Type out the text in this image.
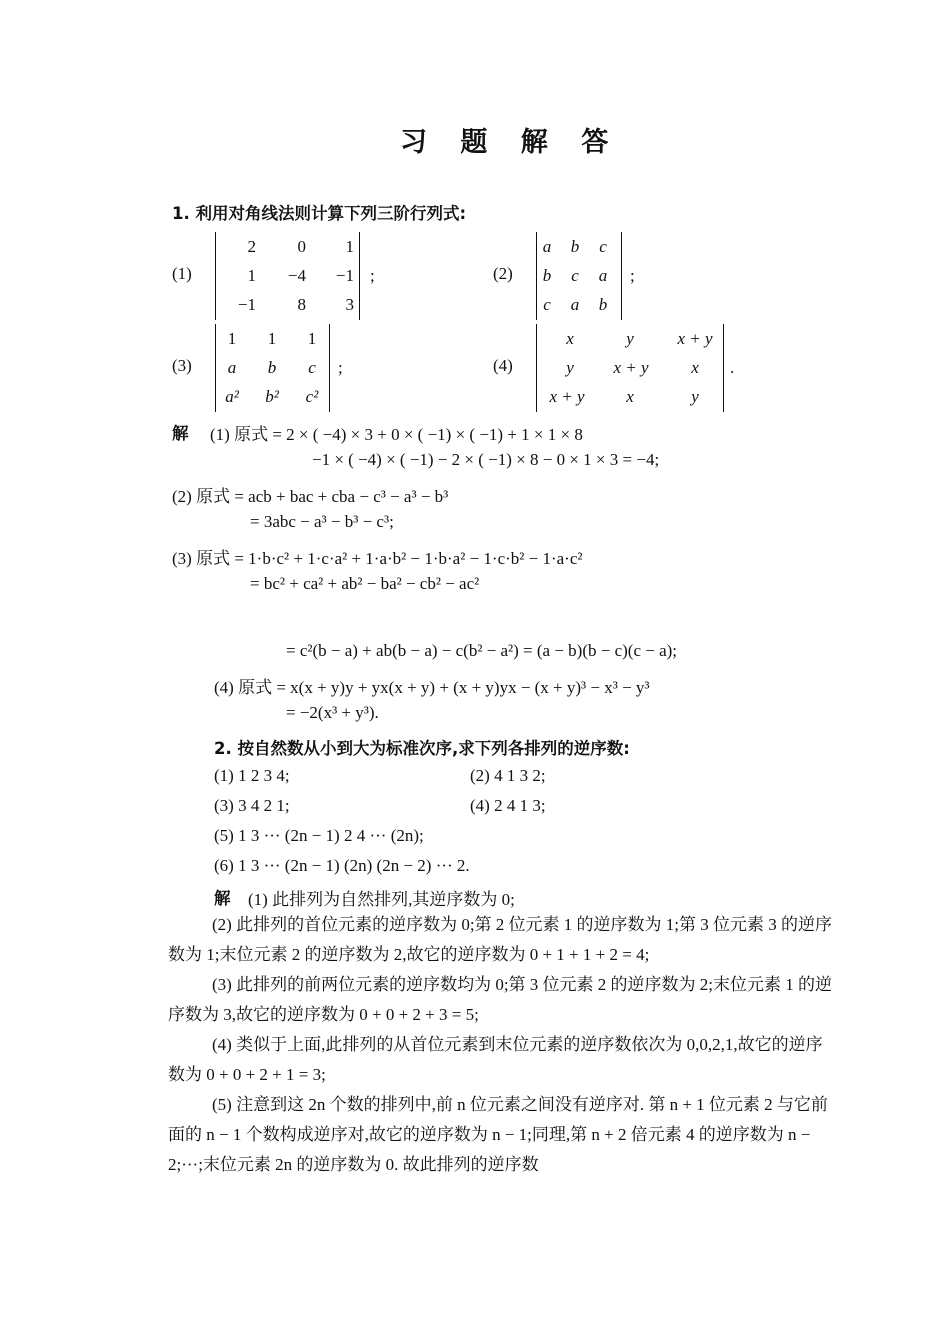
习 题 解 答
1. 利用对角线法则计算下列三阶行列式:
(1)
2	0	1
1	−4	−1
−1	8	3
;	(2)
a	b	c
b	c	a
c	a	b
;
(3)
1	1	1
a	b	c
a²	b²	c²
;	(4)
x	y	x + y
y	x + y	x
x + y	x	y
.
解 (1) 原式 = 2 × ( −4) × 3 + 0 × ( −1) × ( −1) + 1 × 1 × 8
−1 × ( −4) × ( −1) − 2 × ( −1) × 8 − 0 × 1 × 3 = −4;
(2) 原式 = acb + bac + cba − c³ − a³ − b³
= 3abc − a³ − b³ − c³;
(3) 原式 = 1·b·c² + 1·c·a² + 1·a·b² − 1·b·a² − 1·c·b² − 1·a·c²
= bc² + ca² + ab² − ba² − cb² − ac²
= c²(b − a) + ab(b − a) − c(b² − a²) = (a − b)(b − c)(c − a);
(4) 原式 = x(x + y)y + yx(x + y) + (x + y)yx − (x + y)³ − x³ − y³
= −2(x³ + y³).
2. 按自然数从小到大为标准次序,求下列各排列的逆序数:
(1) 1 2 3 4;	(2) 4 1 3 2;
(3) 3 4 2 1;	(4) 2 4 1 3;
(5) 1 3 ··· (2n − 1) 2 4 ··· (2n);
(6) 1 3 ··· (2n − 1) (2n) (2n − 2) ··· 2.
解 (1) 此排列为自然排列,其逆序数为 0;
(2) 此排列的首位元素的逆序数为 0;第 2 位元素 1 的逆序数为 1;第 3 位元素 3 的逆序数为 1;末位元素 2 的逆序数为 2,故它的逆序数为 0 + 1 + 1 + 2 = 4;
(3) 此排列的前两位元素的逆序数均为 0;第 3 位元素 2 的逆序数为 2;末位元素 1 的逆序数为 3,故它的逆序数为 0 + 0 + 2 + 3 = 5;
(4) 类似于上面,此排列的从首位元素到末位元素的逆序数依次为 0,0,2,1,故它的逆序数为 0 + 0 + 2 + 1 = 3;
(5) 注意到这 2n 个数的排列中,前 n 位元素之间没有逆序对. 第 n + 1 位元素 2 与它前面的 n − 1 个数构成逆序对,故它的逆序数为 n − 1;同理,第 n + 2 倍元素 4 的逆序数为 n − 2;···;末位元素 2n 的逆序数为 0. 故此排列的逆序数
